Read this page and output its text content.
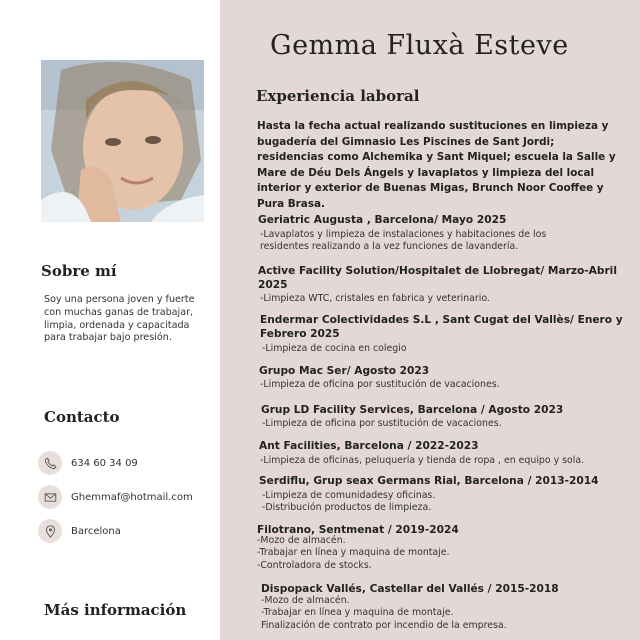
Sobre mí

Soy una persona joven y fuerte con muchas ganas de trabajar, limpia, ordenada y capacitada para trabajar bajo presión.

Contacto
634 60 34 09
Ghemmaf@hotmail.com
Barcelona
Más información
Gemma Fluxà Esteve
Experiencia laboral

Hasta la fecha actual realizando sustituciones en limpieza y bugadería del Gimnasio Les Piscines de Sant Jordi; residencias como Alchemika y Sant Miquel; escuela la Salle y Mare de Déu Dels Ángels y lavaplatos y limpieza del local interior y exterior de Buenas Migas, Brunch Noor Cooffee y Pura Brasa.

Geriatric Augusta , Barcelona/ Mayo 2025

-Lavaplatos y limpieza de instalaciones y habitaciones de los residentes realizando a la vez funciones de lavandería.

Active Facility Solution/Hospitalet de Llobregat/ Marzo-Abril 2025

-Limpieza WTC, cristales en fabrica y veterinario.

Endermar Colectividades S.L , Sant Cugat del Vallès/ Enero y Febrero 2025

-Limpieza de cocina en colegio

Grupo Mac Ser/ Agosto 2023

-Limpieza de oficina por sustitución de vacaciones.

Grup LD Facility Services, Barcelona / Agosto 2023

-Limpieza de oficina por sustitución de vacaciones.

Ant Facilities, Barcelona / 2022-2023

-Limpieza de oficinas, peluquería y tienda de ropa , en equipo y sola.

Serdiflu, Grup seax Germans Rial, Barcelona / 2013-2014

-Limpieza de comunidadesy oficinas.
-Distribución productos de limpieza.

Filotrano, Sentmenat / 2019-2024

-Mozo de almacén.
-Trabajar en línea y maquina de montaje.
-Controladora de stocks.

Dispopack Vallés, Castellar del Vallés / 2015-2018

-Mozo de almacén.
-Trabajar en línea y maquina de montaje.
Finalización de contrato por incendio de la empresa.
